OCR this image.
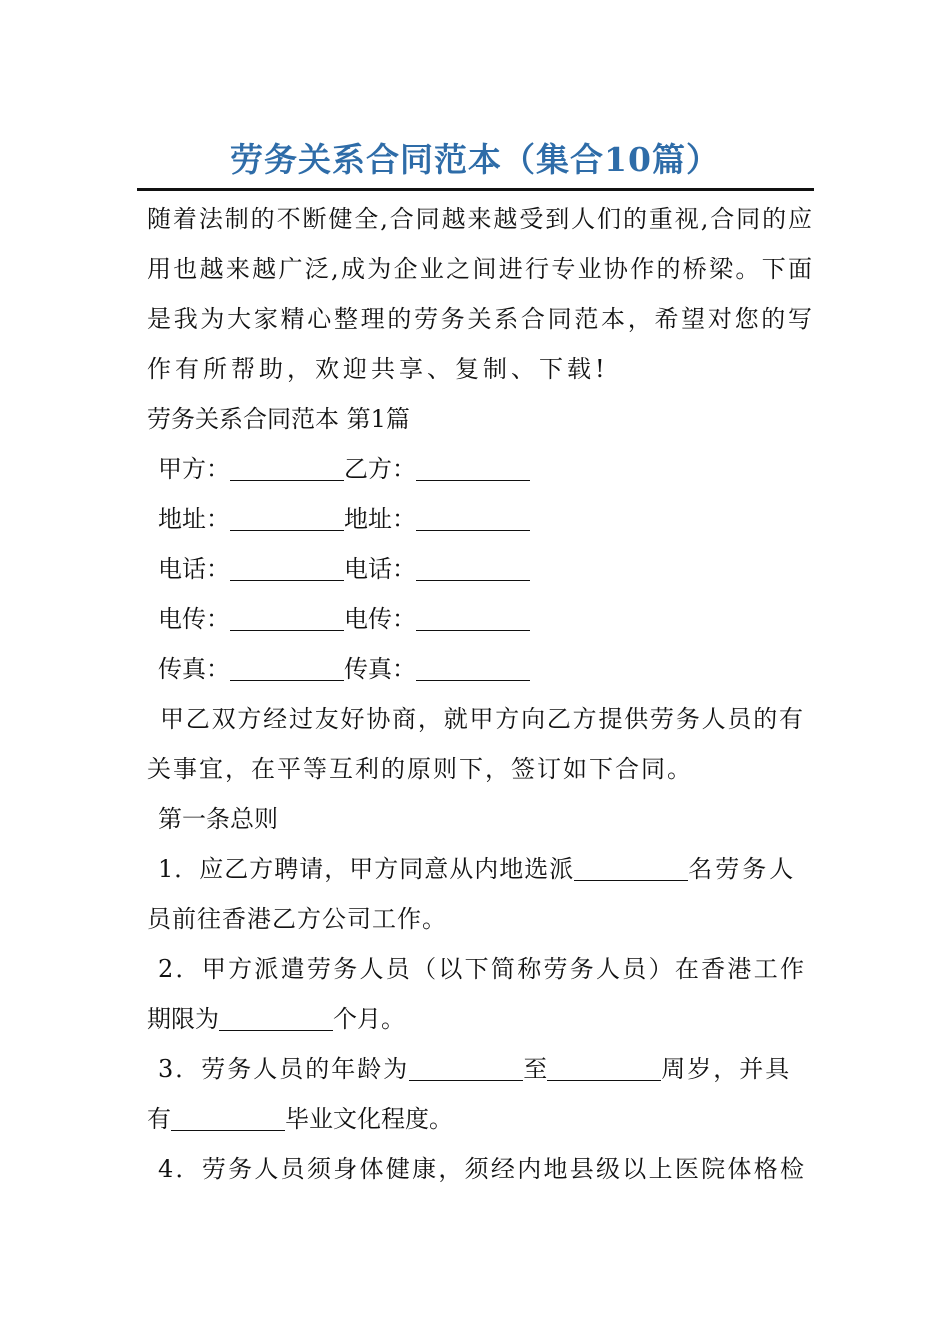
劳务关系合同范本（集合10篇）
随着法制的不断健全,合同越来越受到人们的重视,合同的应
用也越来越广泛,成为企业之间进行专业协作的桥梁。下面
是我为大家精心整理的劳务关系合同范本，希望对您的写
作有所帮助，欢迎共享、复制、下载!
劳务关系合同范本 第1篇
甲方：	乙方：
地址：	地址：
电话：	电话：
电传：	电传：
传真：	传真：
甲乙双方经过友好协商，就甲方向乙方提供劳务人员的有
关事宜，在平等互利的原则下，签订如下合同。
第一条总则
1．应乙方聘请，甲方同意从内地选派	名劳务人
员前往香港乙方公司工作。
2．甲方派遣劳务人员（以下简称劳务人员）在香港工作
期限为	个月。
3．劳务人员的年龄为	至	周岁，并具
有	毕业文化程度。
4．劳务人员须身体健康，须经内地县级以上医院体格检
